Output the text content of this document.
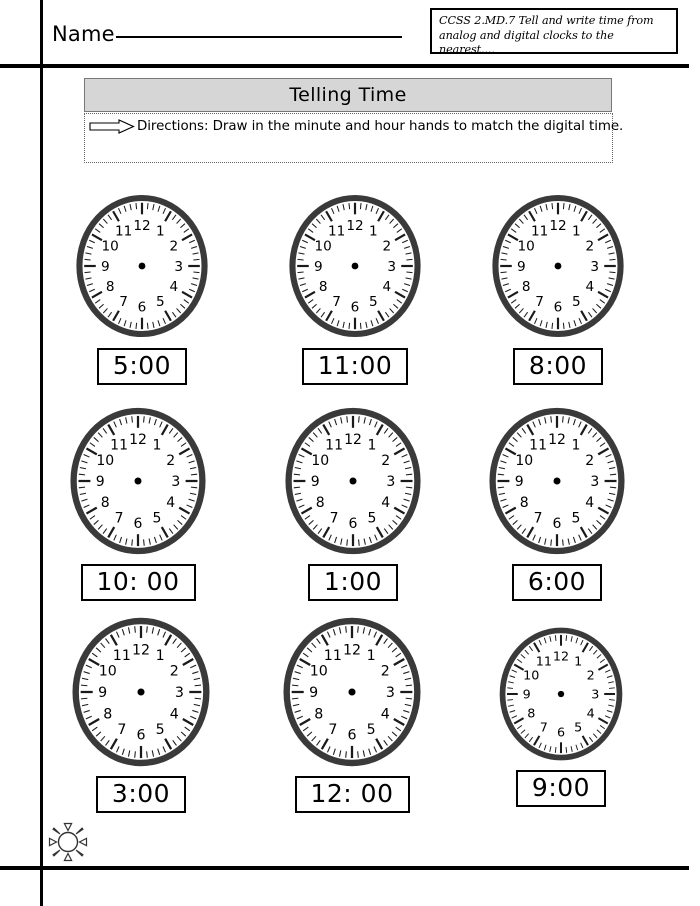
Name
CCSS 2.MD.7 Tell and write time from analog and digital clocks to the nearest....
Telling Time
Directions: Draw in the minute and hour hands to match the digital time.
12 1
2
3
4
5
6
7
8
9
10
11
5:00
12 1
2
3
4
5
6
7
8
9
10
11
11:00
12 1
2
3
4
5
6
7
8
9
10
11
8:00
12 1
2
3
4
5
6
7
8
9
10
11
10: 00
12 1
2
3
4
5
6
7
8
9
10
11
1:00
12 1
2
3
4
5
6
7
8
9
10
11
6:00
12 1
2
3
4
5
6
7
8
9
10
11
3:00
12 1
2
3
4
5
6
7
8
9
10
11
12: 00
12 1
2
3
4
5
6
7
8
9
10
11
9:00
